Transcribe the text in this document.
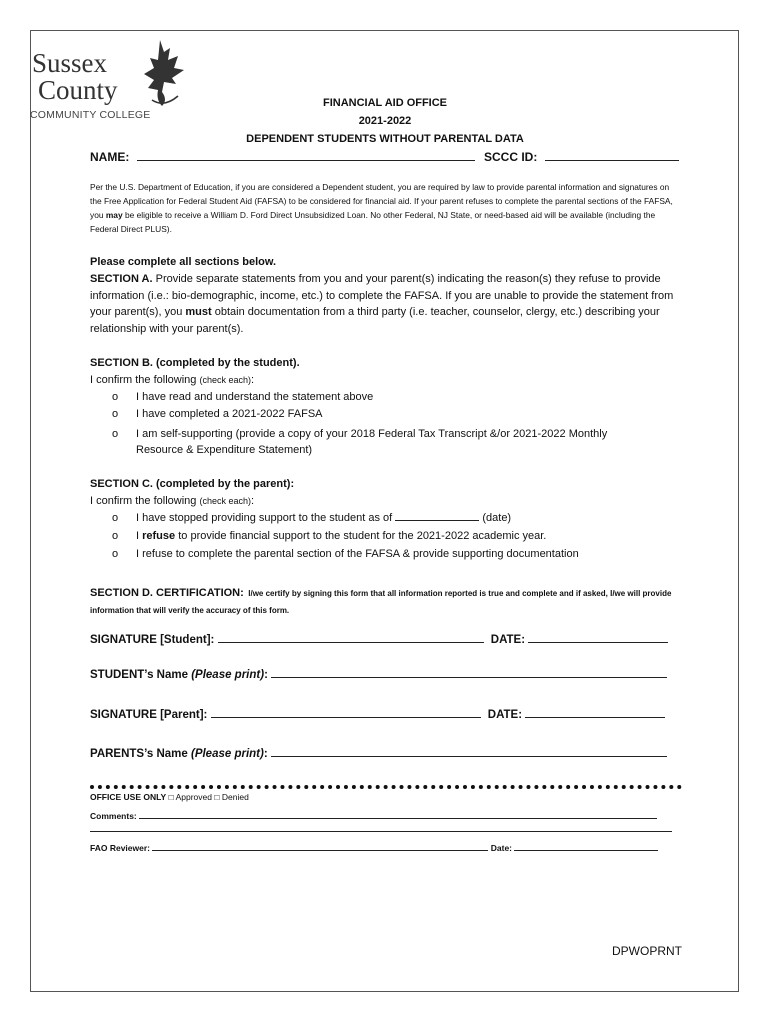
Sussex
County
COMMUNITY COLLEGE
FINANCIAL AID OFFICE
2021-2022
DEPENDENT STUDENTS WITHOUT PARENTAL DATA
NAME:	SCCC ID:
Per the U.S. Department of Education, if you are considered a Dependent student, you are required by law to provide parental information and signatures on the Free Application for Federal Student Aid (FAFSA) to be considered for financial aid. If your parent refuses to complete the parental sections of the FAFSA, you may be eligible to receive a William D. Ford Direct Unsubsidized Loan. No other Federal, NJ State, or need-based aid will be available (including the Federal Direct PLUS).
Please complete all sections below.
SECTION A. Provide separate statements from you and your parent(s) indicating the reason(s) they refuse to provide information (i.e.: bio-demographic, income, etc.) to complete the FAFSA. If you are unable to provide the statement from your parent(s), you must obtain documentation from a third party (i.e. teacher, counselor, clergy, etc.) describing your relationship with your parent(s).
SECTION B. (completed by the student).
I confirm the following (check each):
o I have read and understand the statement above
o I have completed a 2021-2022 FAFSA
o I am self-supporting (provide a copy of your 2018 Federal Tax Transcript &/or 2021-2022 Monthly
Resource & Expenditure Statement)
SECTION C. (completed by the parent):
I confirm the following (check each):
o I have stopped providing support to the student as of	(date)
o I refuse to provide financial support to the student for the 2021-2022 academic year.
o I refuse to complete the parental section of the FAFSA & provide supporting documentation
SECTION D. CERTIFICATION: I/we certify by signing this form that all information reported is true and complete and if asked, I/we will provide information that will verify the accuracy of this form.
SIGNATURE [Student]:	DATE:
STUDENT’s Name (Please print):
SIGNATURE [Parent]:	DATE:
PARENTS’s Name (Please print):
OFFICE USE ONLY □ Approved □ Denied
Comments:
FAO Reviewer:	Date:
DPWOPRNT
